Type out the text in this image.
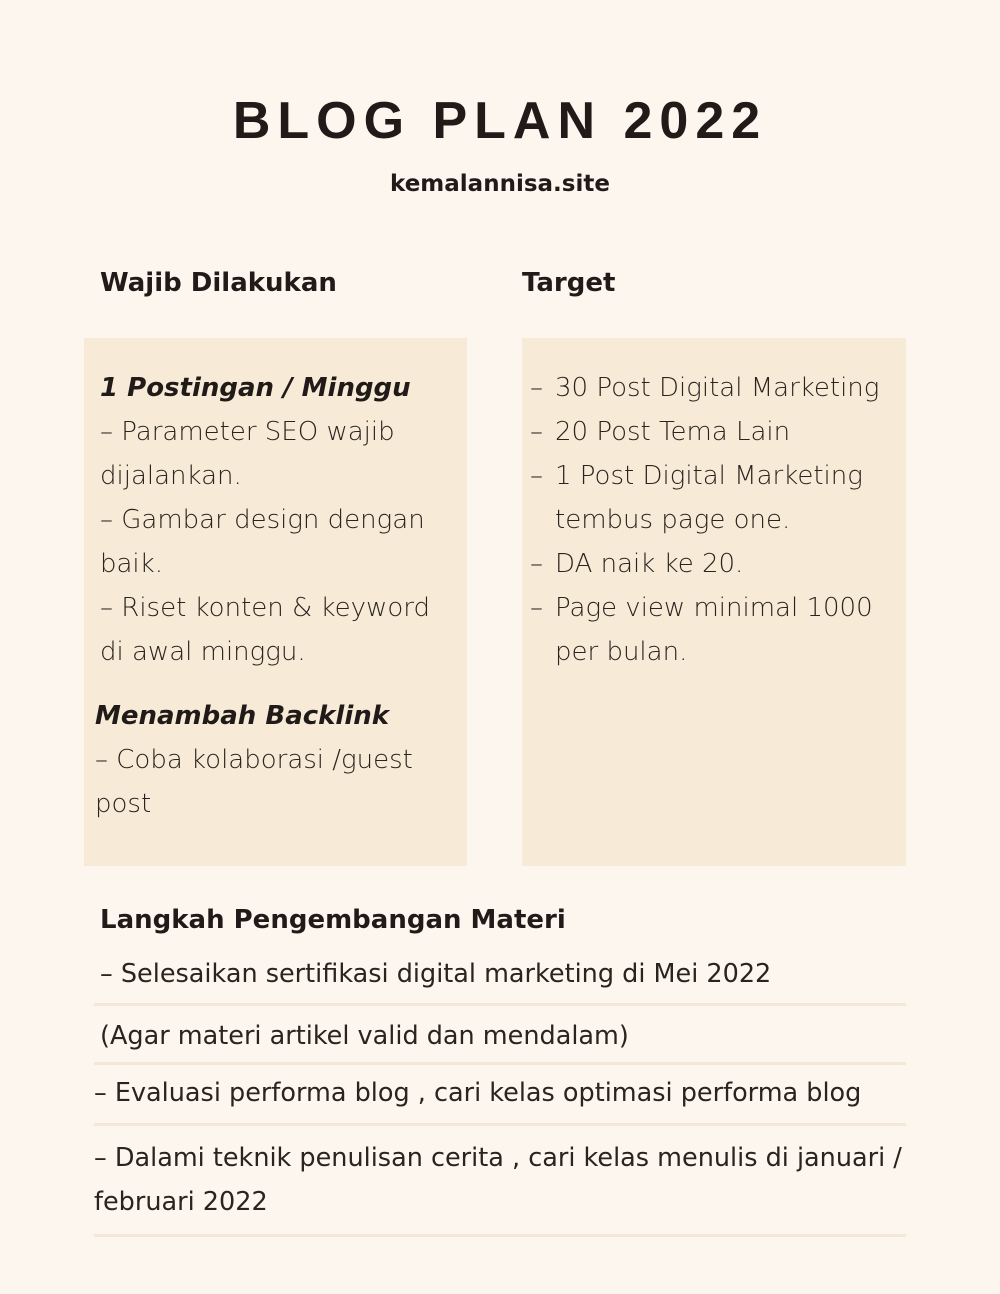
BLOG PLAN 2022
kemalannisa.site
Wajib Dilakukan	Target
1 Postingan / Minggu
– Parameter SEO wajib
dijalankan.
– Gambar design dengan
baik.
– Riset konten & keyword
di awal minggu.
Menambah Backlink
– Coba kolaborasi /guest
post
– 30 Post Digital Marketing
– 20 Post Tema Lain
– 1 Post Digital Marketing
tembus page one.
– DA naik ke 20.
– Page view minimal 1000
per bulan.
Langkah Pengembangan Materi
– Selesaikan sertifikasi digital marketing di Mei 2022
(Agar materi artikel valid dan mendalam)
– Evaluasi performa blog , cari kelas optimasi performa blog
– Dalami teknik penulisan cerita , cari kelas menulis di januari /
februari 2022
